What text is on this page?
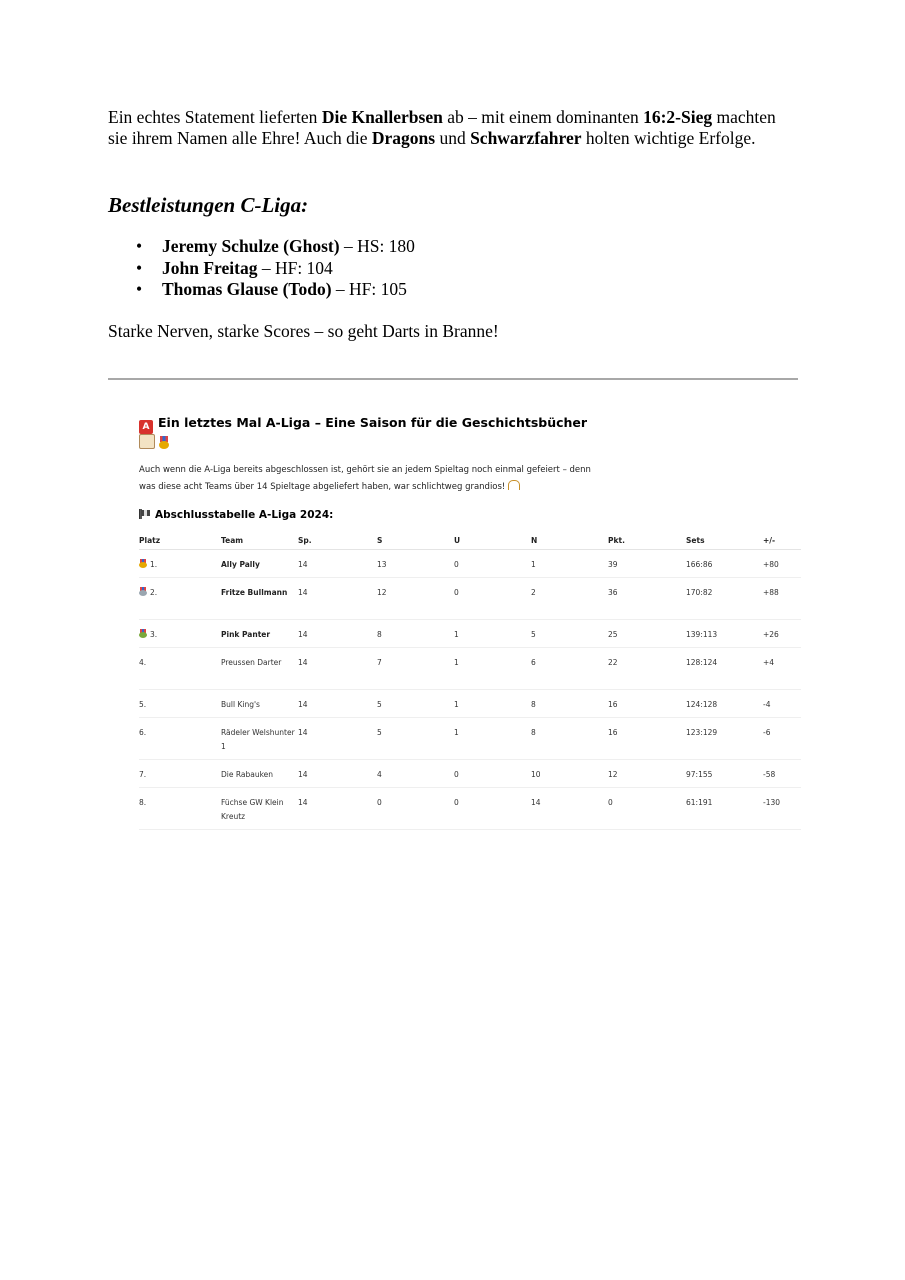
Ein echtes Statement lieferten Die Knallerbsen ab – mit einem dominanten 16:2-Sieg machten sie ihrem Namen alle Ehre! Auch die Dragons und Schwarzfahrer holten wichtige Erfolge.

Bestleistungen C-Liga:
• Jeremy Schulze (Ghost) – HS: 180
• John Freitag – HF: 104
• Thomas Glause (Todo) – HF: 105
Starke Nerven, starke Scores – so geht Darts in Branne!
A Ein letztes Mal A-Liga – Eine Saison für die Geschichtsbücher
Auch wenn die A-Liga bereits abgeschlossen ist, gehört sie an jedem Spieltag noch einmal gefeiert – denn was diese acht Teams über 14 Spieltage abgeliefert haben, war schlichtweg grandios!
Abschlusstabelle A-Liga 2024:
Platz	Team	Sp.	S	U	N	Pkt.	Sets	+/-

1.	Ally Pally	14	13	0	1	39	166:86	+80

2.	Fritze Bullmann	14	12	0	2	36	170:82	+88

3.	Pink Panter	14	8	1	5	25	139:113	+26
4.	Preussen Darter	14	7	1	6	22	128:124	+4
5.	Bull King's	14	5	1	8	16	124:128	-4
6.	Rädeler Welshunter 1	14	5	1	8	16	123:129	-6
7.	Die Rabauken	14	4	0	10	12	97:155	-58
8.	Füchse GW Klein Kreutz	14	0	0	14	0	61:191	-130
